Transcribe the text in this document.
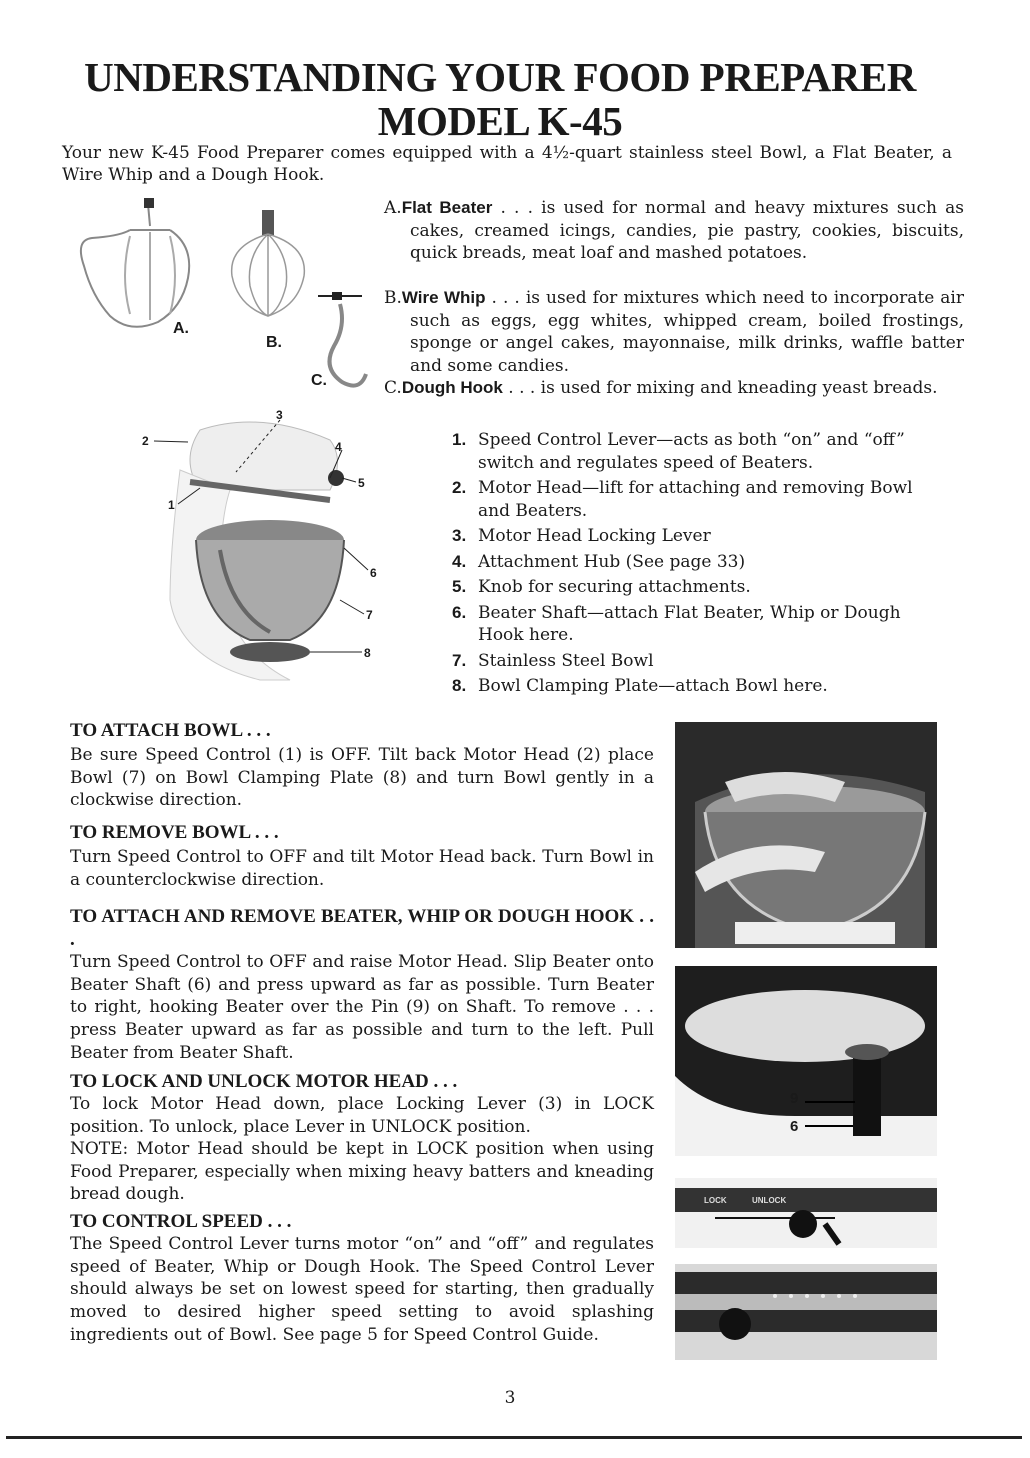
UNDERSTANDING YOUR FOOD PREPARER
MODEL K-45
Your new K-45 Food Preparer comes equipped with a 4½-quart stainless steel Bowl, a Flat Beater, a Wire Whip and a Dough Hook.
A.
B.
C.
1
2
3
4
5
6
7
8
A.Flat Beater . . . is used for normal and heavy mixtures such as cakes, creamed icings, candies, pie pastry, cookies, biscuits, quick breads, meat loaf and mashed potatoes.
B.Wire Whip . . . is used for mixtures which need to incorporate air such as eggs, egg whites, whipped cream, boiled frostings, sponge or angel cakes, mayonnaise, milk drinks, waffle batter and some candies.
C.Dough Hook . . . is used for mixing and kneading yeast breads.
1. Speed Control Lever—acts as both “on” and “off” switch and regulates speed of Beaters.
2. Motor Head—lift for attaching and removing Bowl and Beaters.
3. Motor Head Locking Lever
4. Attachment Hub (See page 33)
5. Knob for securing attachments.
6. Beater Shaft—attach Flat Beater, Whip or Dough Hook here.
7. Stainless Steel Bowl
8. Bowl Clamping Plate—attach Bowl here.
TO ATTACH BOWL . . .
Be sure Speed Control (1) is OFF. Tilt back Motor Head (2) place Bowl (7) on Bowl Clamping Plate (8) and turn Bowl gently in a clockwise direction.
TO REMOVE BOWL . . .
Turn Speed Control to OFF and tilt Motor Head back. Turn Bowl in a counterclockwise direction.
TO ATTACH AND REMOVE BEATER, WHIP OR DOUGH HOOK . . .
Turn Speed Control to OFF and raise Motor Head. Slip Beater onto Beater Shaft (6) and press upward as far as possible. Turn Beater to right, hooking Beater over the Pin (9) on Shaft. To remove . . . press Beater upward as far as possible and turn to the left. Pull Beater from Beater Shaft.
TO LOCK AND UNLOCK MOTOR HEAD . . .
To lock Motor Head down, place Locking Lever (3) in LOCK position. To unlock, place Lever in UNLOCK position.
NOTE: Motor Head should be kept in LOCK position when using Food Preparer, especially when mixing heavy batters and kneading bread dough.
TO CONTROL SPEED . . .
The Speed Control Lever turns motor “on” and “off” and regulates speed of Beater, Whip or Dough Hook. The Speed Control Lever should always be set on lowest speed for starting, then gradually moved to desired higher speed setting to avoid splashing ingredients out of Bowl. See page 5 for Speed Control Guide.
9
6
LOCK	UNLOCK
3
